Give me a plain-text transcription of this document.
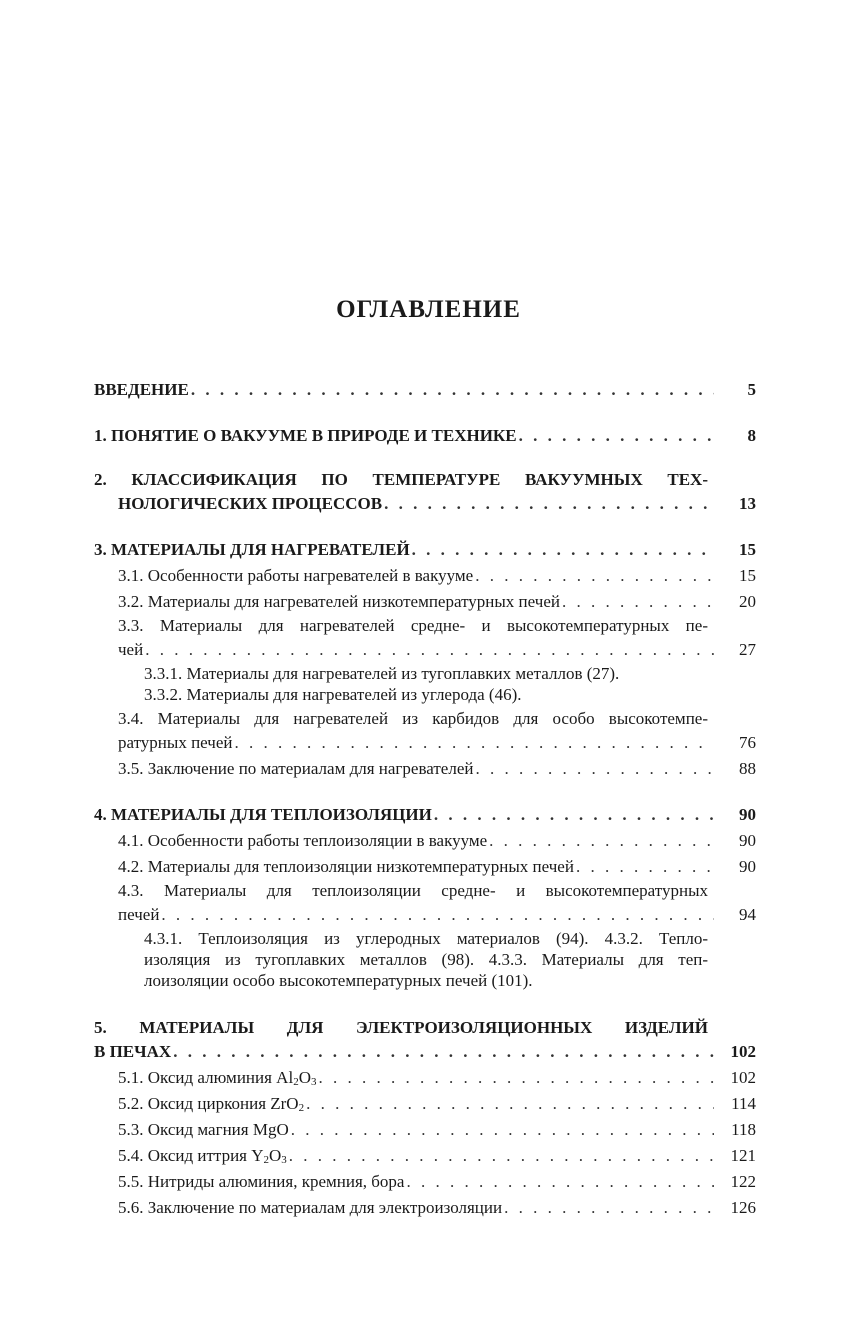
ОГЛАВЛЕНИЕ
ВВЕДЕНИЕ . . .	5
1. ПОНЯТИЕ О ВАКУУМЕ В ПРИРОДЕ И ТЕХНИКЕ . . .	8
2. КЛАССИФИКАЦИЯ ПО ТЕМПЕРАТУРЕ ВАКУУМНЫХ ТЕХ-
НОЛОГИЧЕСКИХ ПРОЦЕССОВ . . .	13
3. МАТЕРИАЛЫ ДЛЯ НАГРЕВАТЕЛЕЙ . . .	15
3.1. Особенности работы нагревателей в вакууме . . .	15
3.2. Материалы для нагревателей низкотемпературных печей . . .	20
3.3. Материалы для нагревателей средне- и высокотемпературных пе-
чей . . .	27
3.3.1. Материалы для нагревателей из тугоплавких металлов (27).
3.3.2. Материалы для нагревателей из углерода (46).
3.4. Материалы для нагревателей из карбидов для особо высокотемпе-
ратурных печей . . .	76
3.5. Заключение по материалам для нагревателей . . .	88
4. МАТЕРИАЛЫ ДЛЯ ТЕПЛОИЗОЛЯЦИИ . . .	90
4.1. Особенности работы теплоизоляции в вакууме . . .	90
4.2. Материалы для теплоизоляции низкотемпературных печей . . .	90
4.3. Материалы для теплоизоляции средне- и высокотемпературных
печей . . .	94
4.3.1. Теплоизоляция из углеродных материалов (94). 4.3.2. Тепло-
изоляция из тугоплавких металлов (98). 4.3.3. Материалы для теп-
лоизоляции особо высокотемпературных печей (101).
5. МАТЕРИАЛЫ ДЛЯ ЭЛЕКТРОИЗОЛЯЦИОННЫХ ИЗДЕЛИЙ
В ПЕЧАХ . . .	102
5.1. Оксид алюминия $Al_2O_3$ . . .	102
5.2. Оксид циркония ZrO$_2$ . . .	114
5.3. Оксид магния MgO . . .	118
5.4. Оксид иттрия $Y_2O_3$ . . .	121
5.5. Нитриды алюминия, кремния, бора . . .	122
5.6. Заключение по материалам для электроизоляции . . .	126
